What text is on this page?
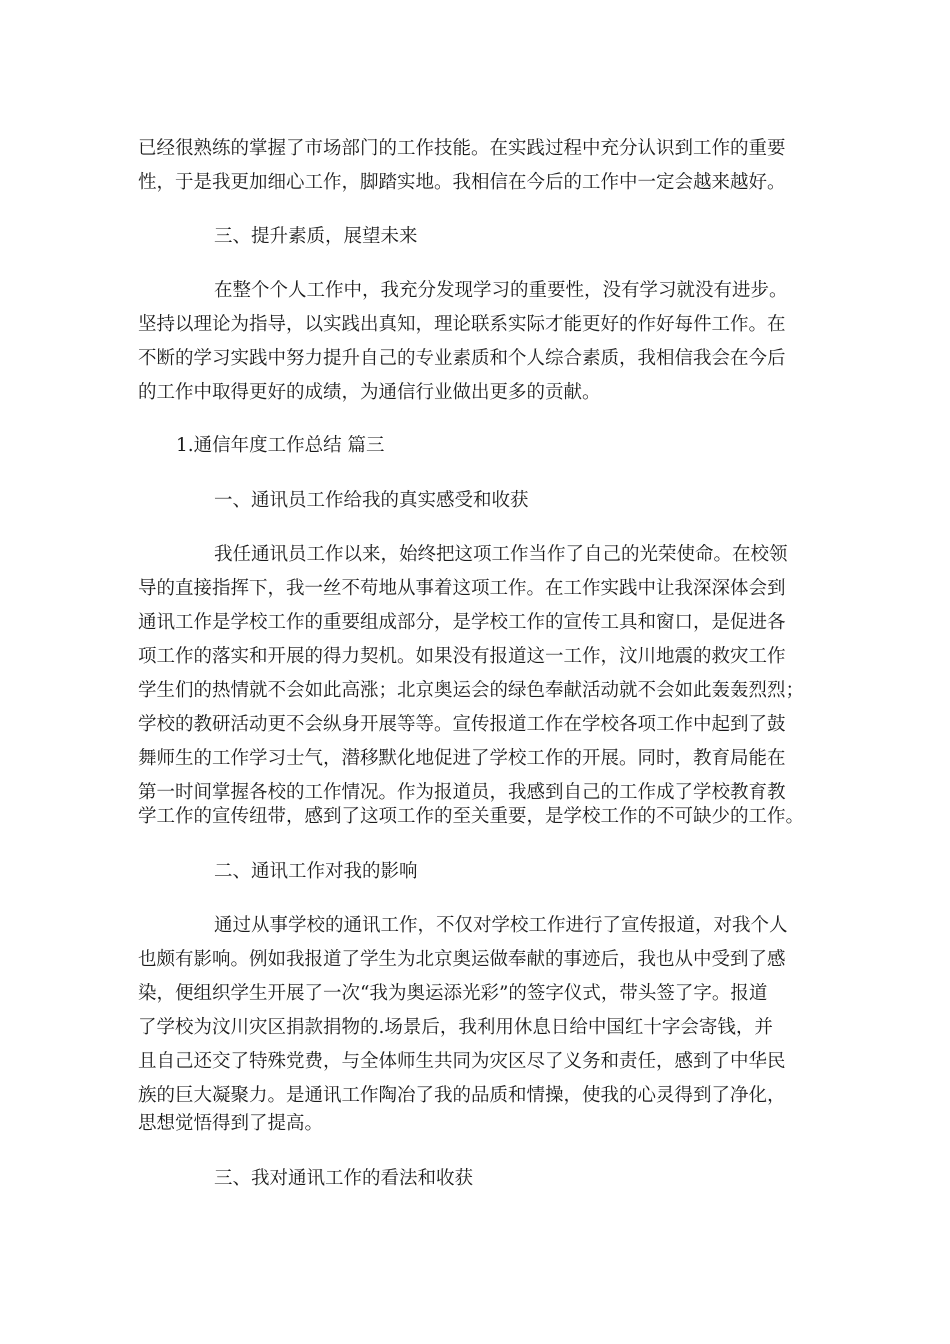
已经很熟练的掌握了市场部门的工作技能。在实践过程中充分认识到工作的重要
性，于是我更加细心工作，脚踏实地。我相信在今后的工作中一定会越来越好。
三、提升素质，展望未来
在整个个人工作中，我充分发现学习的重要性，没有学习就没有进步。
坚持以理论为指导，以实践出真知，理论联系实际才能更好的作好每件工作。在
不断的学习实践中努力提升自己的专业素质和个人综合素质，我相信我会在今后
的工作中取得更好的成绩，为通信行业做出更多的贡献。
1.通信年度工作总结 篇三
一、通讯员工作给我的真实感受和收获
我任通讯员工作以来，始终把这项工作当作了自己的光荣使命。在校领
导的直接指挥下，我一丝不苟地从事着这项工作。在工作实践中让我深深体会到
通讯工作是学校工作的重要组成部分，是学校工作的宣传工具和窗口，是促进各
项工作的落实和开展的得力契机。如果没有报道这一工作，汶川地震的救灾工作
学生们的热情就不会如此高涨；北京奥运会的绿色奉献活动就不会如此轰轰烈烈；
学校的教研活动更不会纵身开展等等。宣传报道工作在学校各项工作中起到了鼓
舞师生的工作学习士气，潜移默化地促进了学校工作的开展。同时，教育局能在
第一时间掌握各校的工作情况。作为报道员，我感到自己的工作成了学校教育教
学工作的宣传纽带，感到了这项工作的至关重要，是学校工作的不可缺少的工作。
二、通讯工作对我的影响
通过从事学校的通讯工作，不仅对学校工作进行了宣传报道，对我个人
也颇有影响。例如我报道了学生为北京奥运做奉献的事迹后，我也从中受到了感
染，便组织学生开展了一次“我为奥运添光彩”的签字仪式，带头签了字。报道
了学校为汶川灾区捐款捐物的.场景后，我利用休息日给中国红十字会寄钱，并
且自己还交了特殊党费，与全体师生共同为灾区尽了义务和责任，感到了中华民
族的巨大凝聚力。是通讯工作陶冶了我的品质和情操，使我的心灵得到了净化，
思想觉悟得到了提高。
三、我对通讯工作的看法和收获
